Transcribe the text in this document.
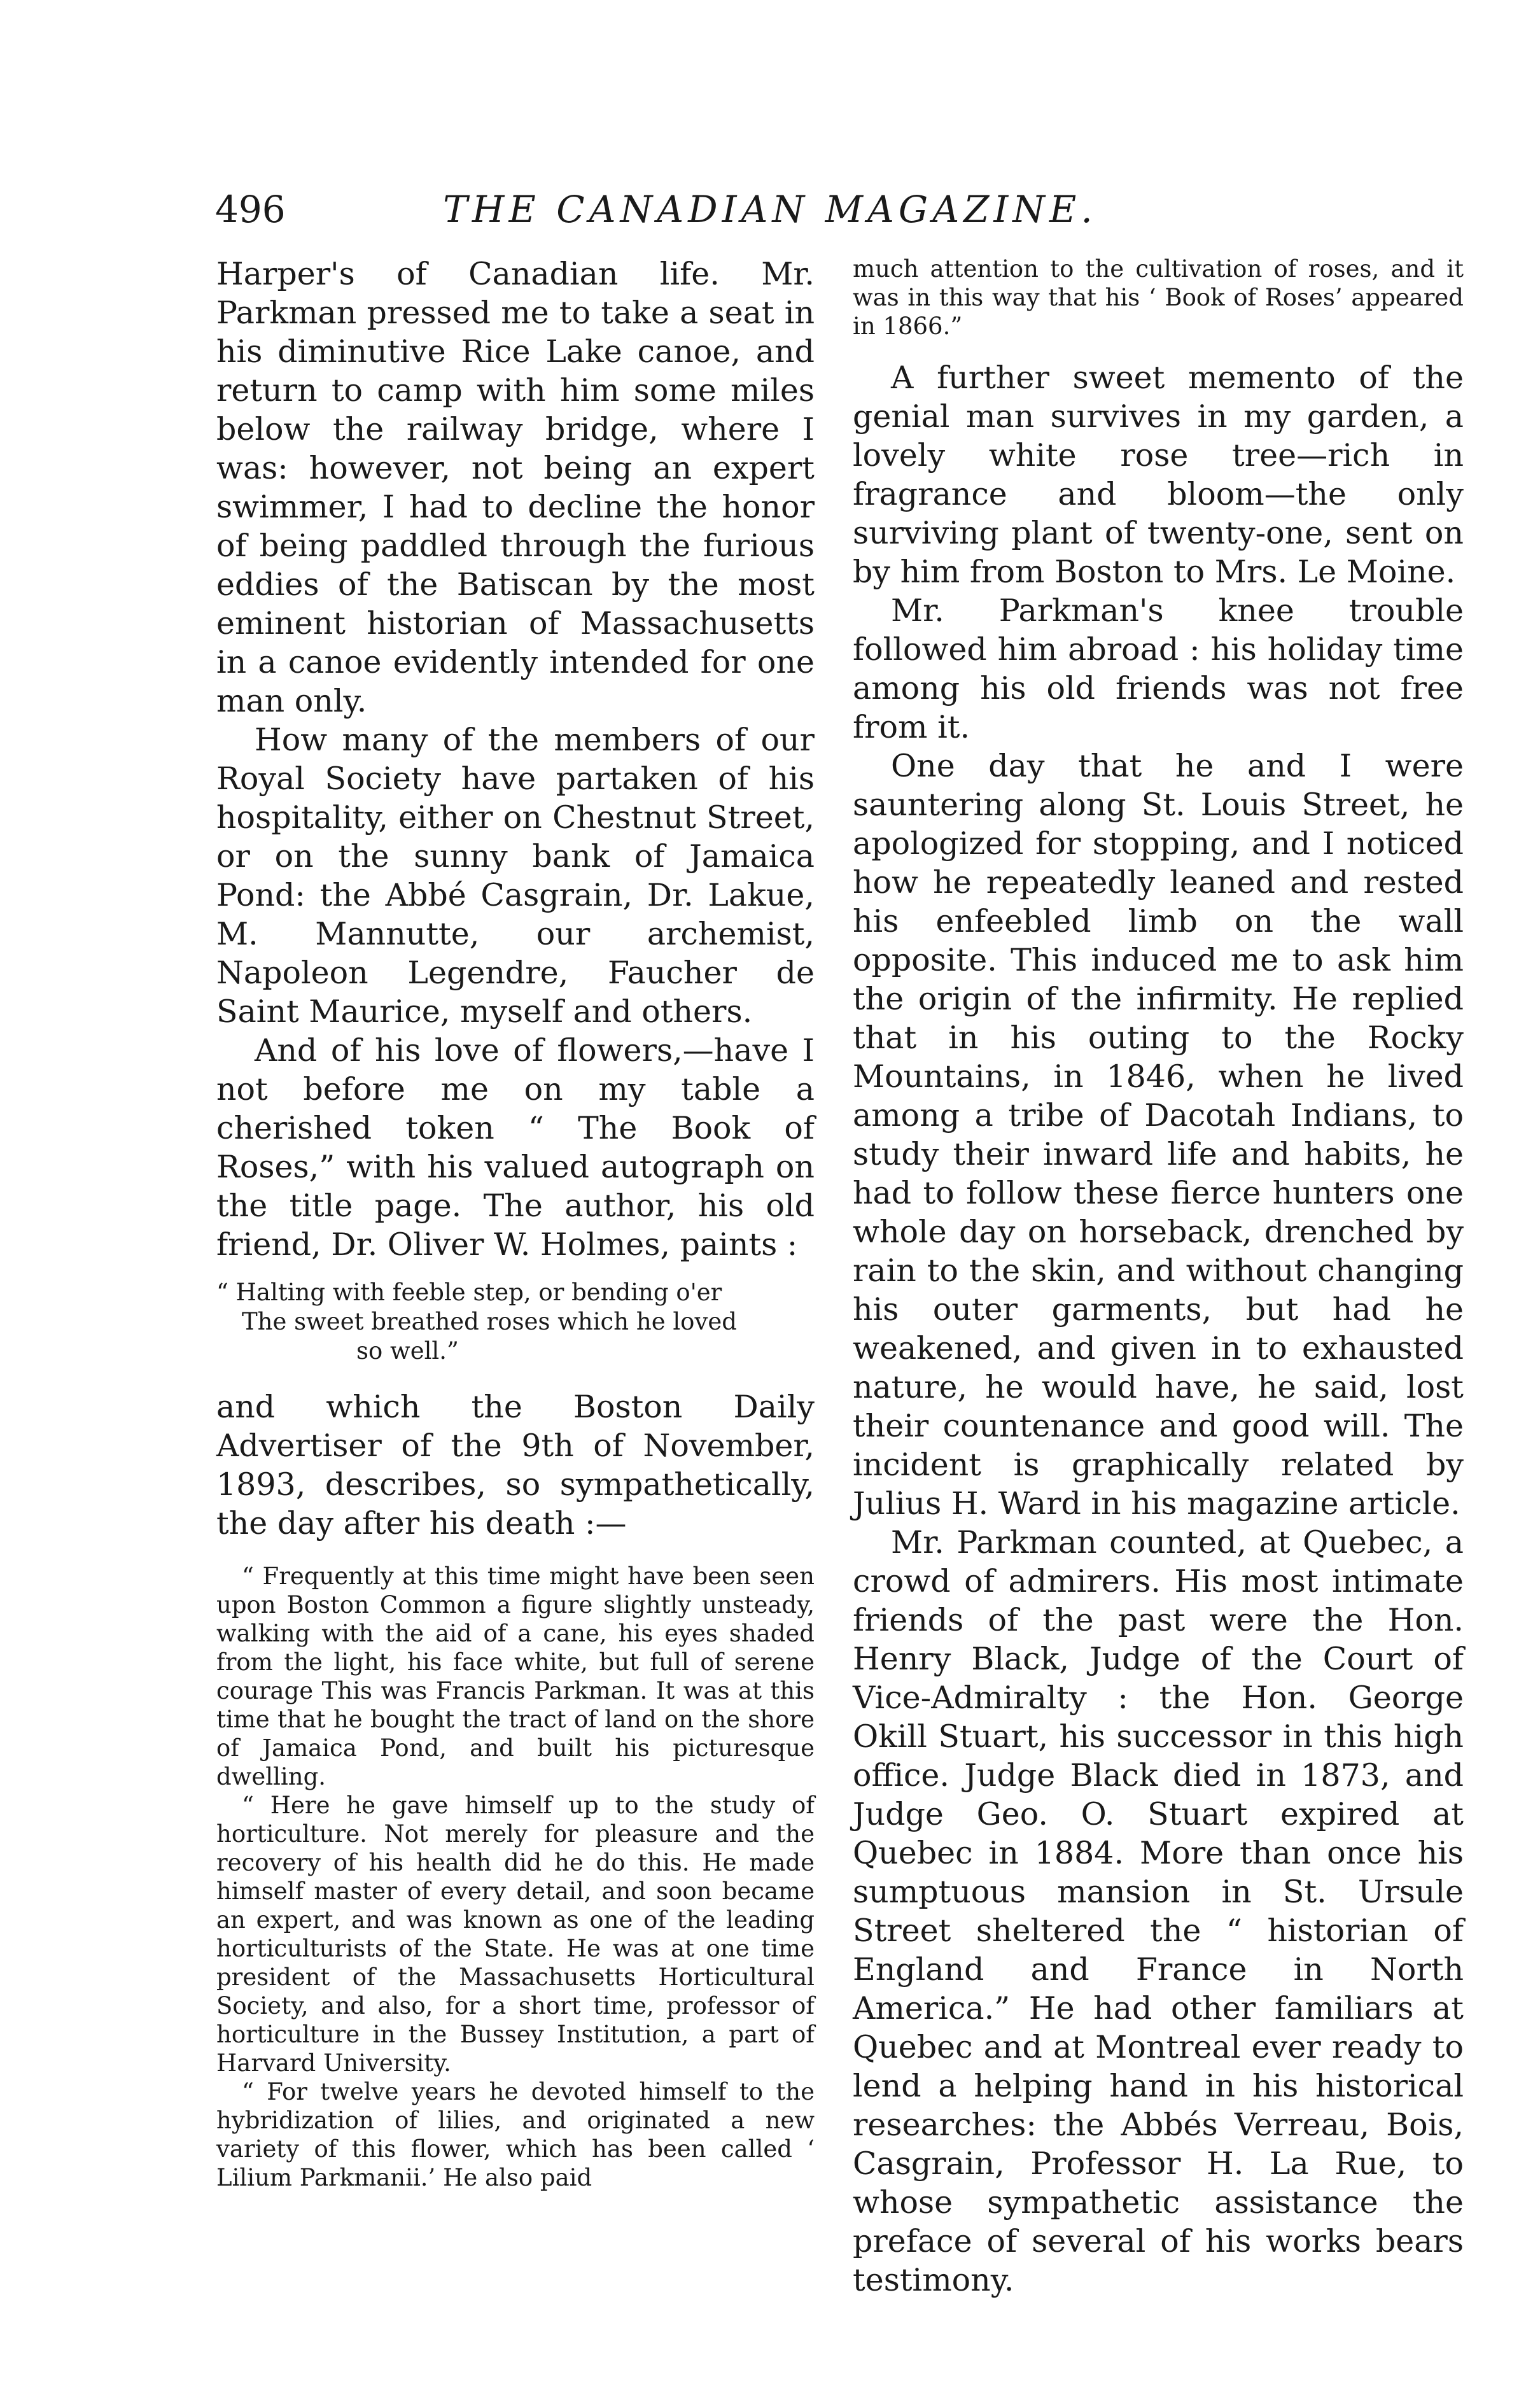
496	THE CANADIAN MAGAZINE.

Harper's of Canadian life. Mr. Parkman pressed me to take a seat in his diminutive Rice Lake canoe, and return to camp with him some miles below the railway bridge, where I was: however, not being an expert swimmer, I had to decline the honor of being paddled through the furious eddies of the Batiscan by the most eminent historian of Massachusetts in a canoe evidently intended for one man only.

How many of the members of our Royal Society have partaken of his hospitality, either on Chestnut Street, or on the sunny bank of Jamaica Pond: the Abbé Casgrain, Dr. Lakue, M. Mannutte, our archemist, Napoleon Legendre, Faucher de Saint Maurice, myself and others.

And of his love of flowers,—have I not before me on my table a cherished token “ The Book of Roses,” with his valued autograph on the title page. The author, his old friend, Dr. Oliver W. Holmes, paints :

“ Halting with feeble step, or bending o'er
The sweet breathed roses which he loved
so well.”

and which the Boston Daily Advertiser of the 9th of November, 1893, describes, so sympathetically, the day after his death :—

“ Frequently at this time might have been seen upon Boston Common a figure slightly unsteady, walking with the aid of a cane, his eyes shaded from the light, his face white, but full of serene courage This was Francis Parkman. It was at this time that he bought the tract of land on the shore of Jamaica Pond, and built his picturesque dwelling.

“ Here he gave himself up to the study of horticulture. Not merely for pleasure and the recovery of his health did he do this. He made himself master of every detail, and soon became an expert, and was known as one of the leading horticulturists of the State. He was at one time president of the Massachusetts Horticultural Society, and also, for a short time, professor of horticulture in the Bussey Institution, a part of Harvard University.

“ For twelve years he devoted himself to the hybridization of lilies, and originated a new variety of this flower, which has been called ‘ Lilium Parkmanii.’ He also paid

much attention to the cultivation of roses, and it was in this way that his ‘ Book of Roses’ appeared in 1866.”

A further sweet memento of the genial man survives in my garden, a lovely white rose tree—rich in fragrance and bloom—the only surviving plant of twenty-one, sent on by him from Boston to Mrs. Le Moine.

Mr. Parkman's knee trouble followed him abroad : his holiday time among his old friends was not free from it.

One day that he and I were sauntering along St. Louis Street, he apologized for stopping, and I noticed how he repeatedly leaned and rested his enfeebled limb on the wall opposite. This induced me to ask him the origin of the infirmity. He replied that in his outing to the Rocky Mountains, in 1846, when he lived among a tribe of Dacotah Indians, to study their inward life and habits, he had to follow these fierce hunters one whole day on horseback, drenched by rain to the skin, and without changing his outer garments, but had he weakened, and given in to exhausted nature, he would have, he said, lost their countenance and good will. The incident is graphically related by Julius H. Ward in his magazine article.

Mr. Parkman counted, at Quebec, a crowd of admirers. His most intimate friends of the past were the Hon. Henry Black, Judge of the Court of Vice-Admiralty : the Hon. George Okill Stuart, his successor in this high office. Judge Black died in 1873, and Judge Geo. O. Stuart expired at Quebec in 1884. More than once his sumptuous mansion in St. Ursule Street sheltered the “ historian of England and France in North America.” He had other familiars at Quebec and at Montreal ever ready to lend a helping hand in his historical researches: the Abbés Verreau, Bois, Casgrain, Professor H. La Rue, to whose sympathetic assistance the preface of several of his works bears testimony.
